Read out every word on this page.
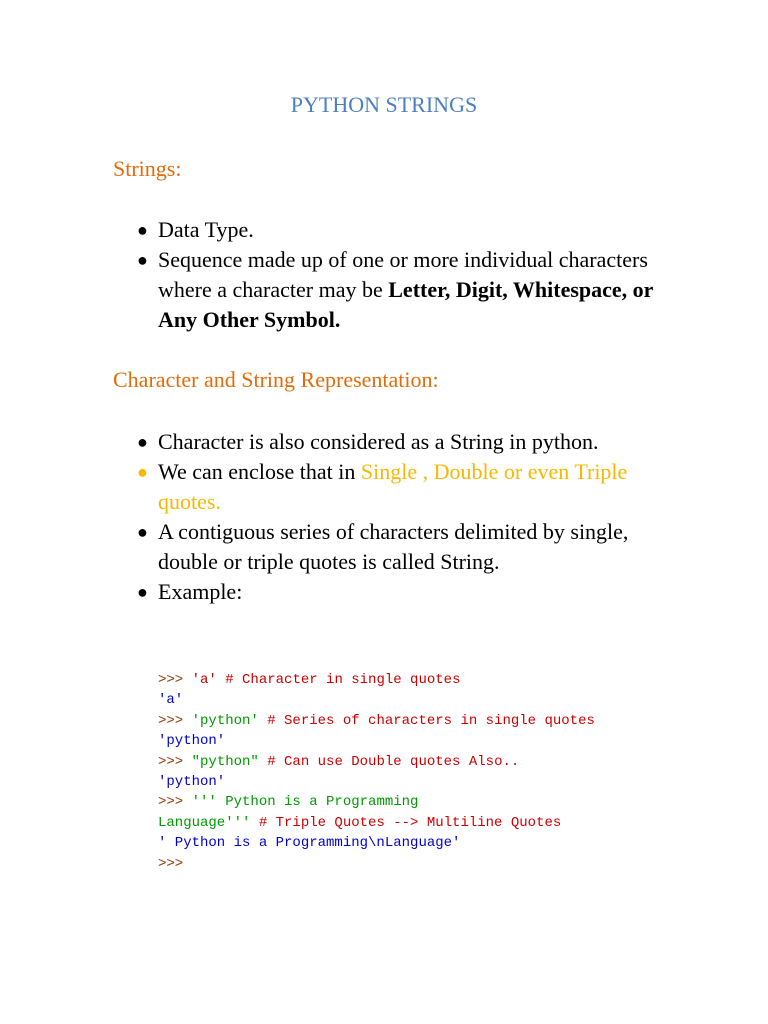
PYTHON STRINGS
Strings:
● Data Type.
● Sequence made up of one or more individual characters where a character may be Letter, Digit, Whitespace, or Any Other Symbol.
Character and String Representation:
● Character is also considered as a String in python.
● We can enclose that in Single , Double or even Triple quotes.
● A contiguous series of characters delimited by single, double or triple quotes is called String.
● Example:
>>> 'a' # Character in single quotes
'a'
>>> 'python' # Series of characters in single quotes
'python'
>>> "python" # Can use Double quotes Also..
'python'
>>> ''' Python is a Programming
Language''' # Triple Quotes --> Multiline Quotes
' Python is a Programming\nLanguage'
>>>
